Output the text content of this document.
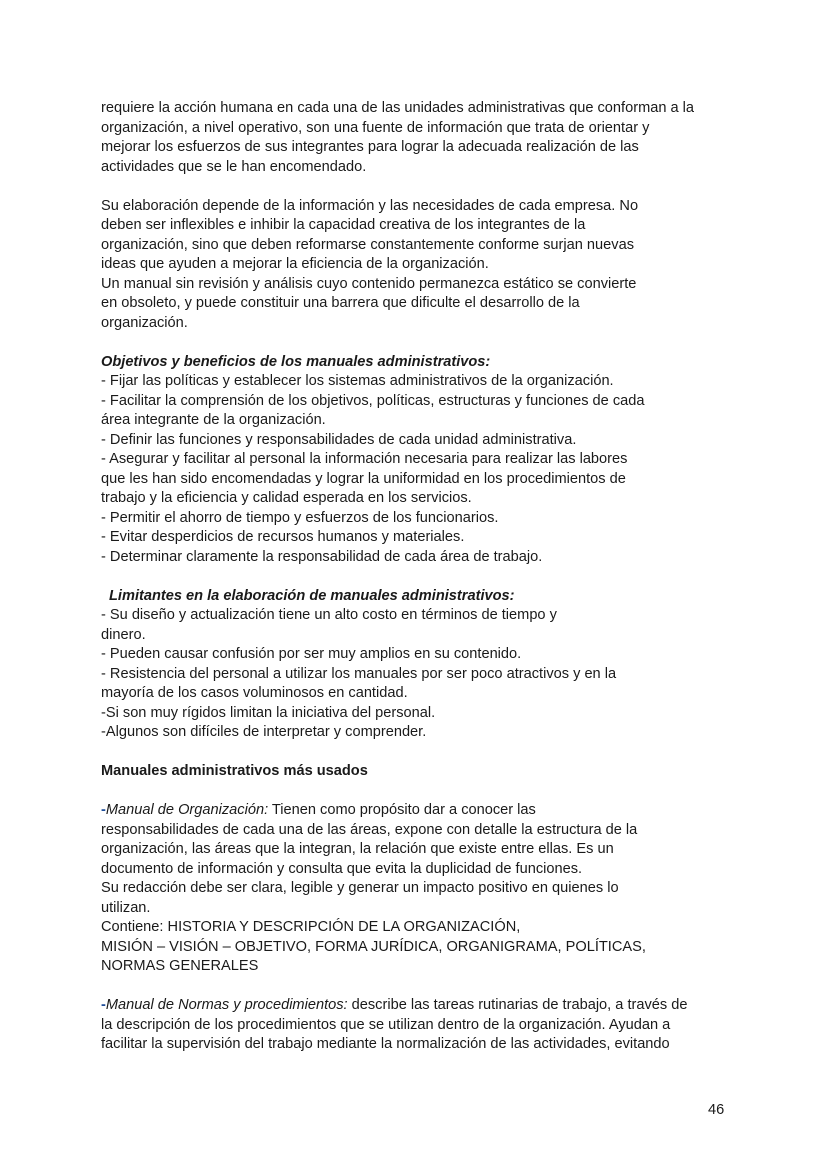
requiere la acción humana en cada una de las unidades administrativas que conforman a la
organización, a nivel operativo, son una fuente de información que trata de orientar y
mejorar los esfuerzos de sus integrantes para lograr la adecuada realización de las
actividades que se le han encomendado.
Su elaboración depende de la información y las necesidades de cada empresa. No
deben ser inflexibles e inhibir la capacidad creativa de los integrantes de la
organización, sino que deben reformarse constantemente conforme surjan nuevas
ideas que ayuden a mejorar la eficiencia de la organización.
Un manual sin revisión y análisis cuyo contenido permanezca estático se convierte
en obsoleto, y puede constituir una barrera que dificulte el desarrollo de la
organización.
Objetivos y beneficios de los manuales administrativos:
- Fijar las políticas y establecer los sistemas administrativos de la organización.
- Facilitar la comprensión de los objetivos, políticas, estructuras y funciones de cada
área integrante de la organización.
- Definir las funciones y responsabilidades de cada unidad administrativa.
- Asegurar y facilitar al personal la información necesaria para realizar las labores
que les han sido encomendadas y lograr la uniformidad en los procedimientos de
trabajo y la eficiencia y calidad esperada en los servicios.
- Permitir el ahorro de tiempo y esfuerzos de los funcionarios.
- Evitar desperdicios de recursos humanos y materiales.
- Determinar claramente la responsabilidad de cada área de trabajo.
Limitantes en la elaboración de manuales administrativos:
- Su diseño y actualización tiene un alto costo en términos de tiempo y
dinero.
- Pueden causar confusión por ser muy amplios en su contenido.
- Resistencia del personal a utilizar los manuales por ser poco atractivos y en la
mayoría de los casos voluminosos en cantidad.
-Si son muy rígidos limitan la iniciativa del personal.
-Algunos son difíciles de interpretar y comprender.
Manuales administrativos más usados
-Manual de Organización: Tienen como propósito dar a conocer las
responsabilidades de cada una de las áreas, expone con detalle la estructura de la
organización, las áreas que la integran, la relación que existe entre ellas. Es un
documento de información y consulta que evita la duplicidad de funciones.
Su redacción debe ser clara, legible y generar un impacto positivo en quienes lo
utilizan.
Contiene: HISTORIA Y DESCRIPCIÓN DE LA ORGANIZACIÓN,
MISIÓN – VISIÓN – OBJETIVO, FORMA JURÍDICA, ORGANIGRAMA, POLÍTICAS,
NORMAS GENERALES
-Manual de Normas y procedimientos: describe las tareas rutinarias de trabajo, a través de
la descripción de los procedimientos que se utilizan dentro de la organización. Ayudan a
facilitar la supervisión del trabajo mediante la normalización de las actividades, evitando
46
